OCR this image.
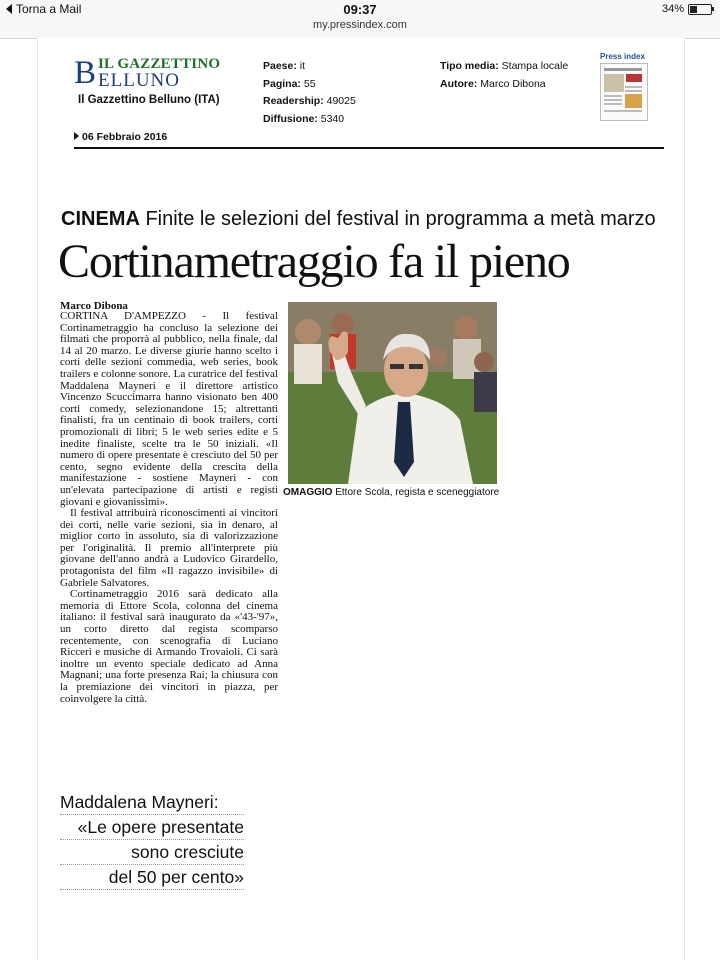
Torna a Mail	09:37
my.pressindex.com
34%
B IL GAZZETTINO
ELLUNO
Il Gazzettino Belluno (ITA)
Paese: it
Pagina: 55
Readership: 49025
Diffusione: 5340
Tipo media: Stampa locale
Autore: Marco Dibona
Press index
06 Febbraio 2016
CINEMA Finite le selezioni del festival in programma a metà marzo
Cortinametraggio fa il pieno
Marco Dibona

CORTINA D'AMPEZZO - Il festival Cortinametraggio ha concluso la selezione dei filmati che proporrà al pubblico, nella finale, dal 14 al 20 marzo. Le diverse giurie hanno scelto i corti delle sezioni commedia, web series, book trailers e colonne sonore. La curatrice del festival Maddalena Mayneri e il direttore artistico Vincenzo Scuccimarra hanno visionato ben 400 corti comedy, selezionandone 15; altrettanti finalisti, fra un centinaio di book trailers, corti promozionali di libri; 5 le web series edite e 5 inedite finaliste, scelte tra le 50 iniziali. «Il numero di opere presentate è cresciuto del 50 per cento, segno evidente della crescita della manifestazione - sostiene Mayneri - con un'elevata partecipazione di artisti e registi giovani e giovanissimi».

Il festival attribuirà riconoscimenti ai vincitori dei corti, nelle varie sezioni, sia in denaro, al miglior corto in assoluto, sia di valorizzazione per l'originalità. Il premio all'interprete più giovane dell'anno andrà a Ludovico Girardello, protagonista del film «Il ragazzo invisibile» di Gabriele Salvatores.

Cortinametraggio 2016 sarà dedicato alla memoria di Ettore Scola, colonna del cinema italiano: il festival sarà inaugurato da «'43-'97», un corto diretto dal regista scomparso recentemente, con scenografia di Luciano Ricceri e musiche di Armando Trovaioli. Ci sarà inoltre un evento speciale dedicato ad Anna Magnani; una forte presenza Rai; la chiusura con la premiazione dei vincitori in piazza, per coinvolgere la città.

OMAGGIO Ettore Scola, regista e sceneggiatore
Maddalena Mayneri:
«Le opere presentate
sono cresciute
del 50 per cento»
